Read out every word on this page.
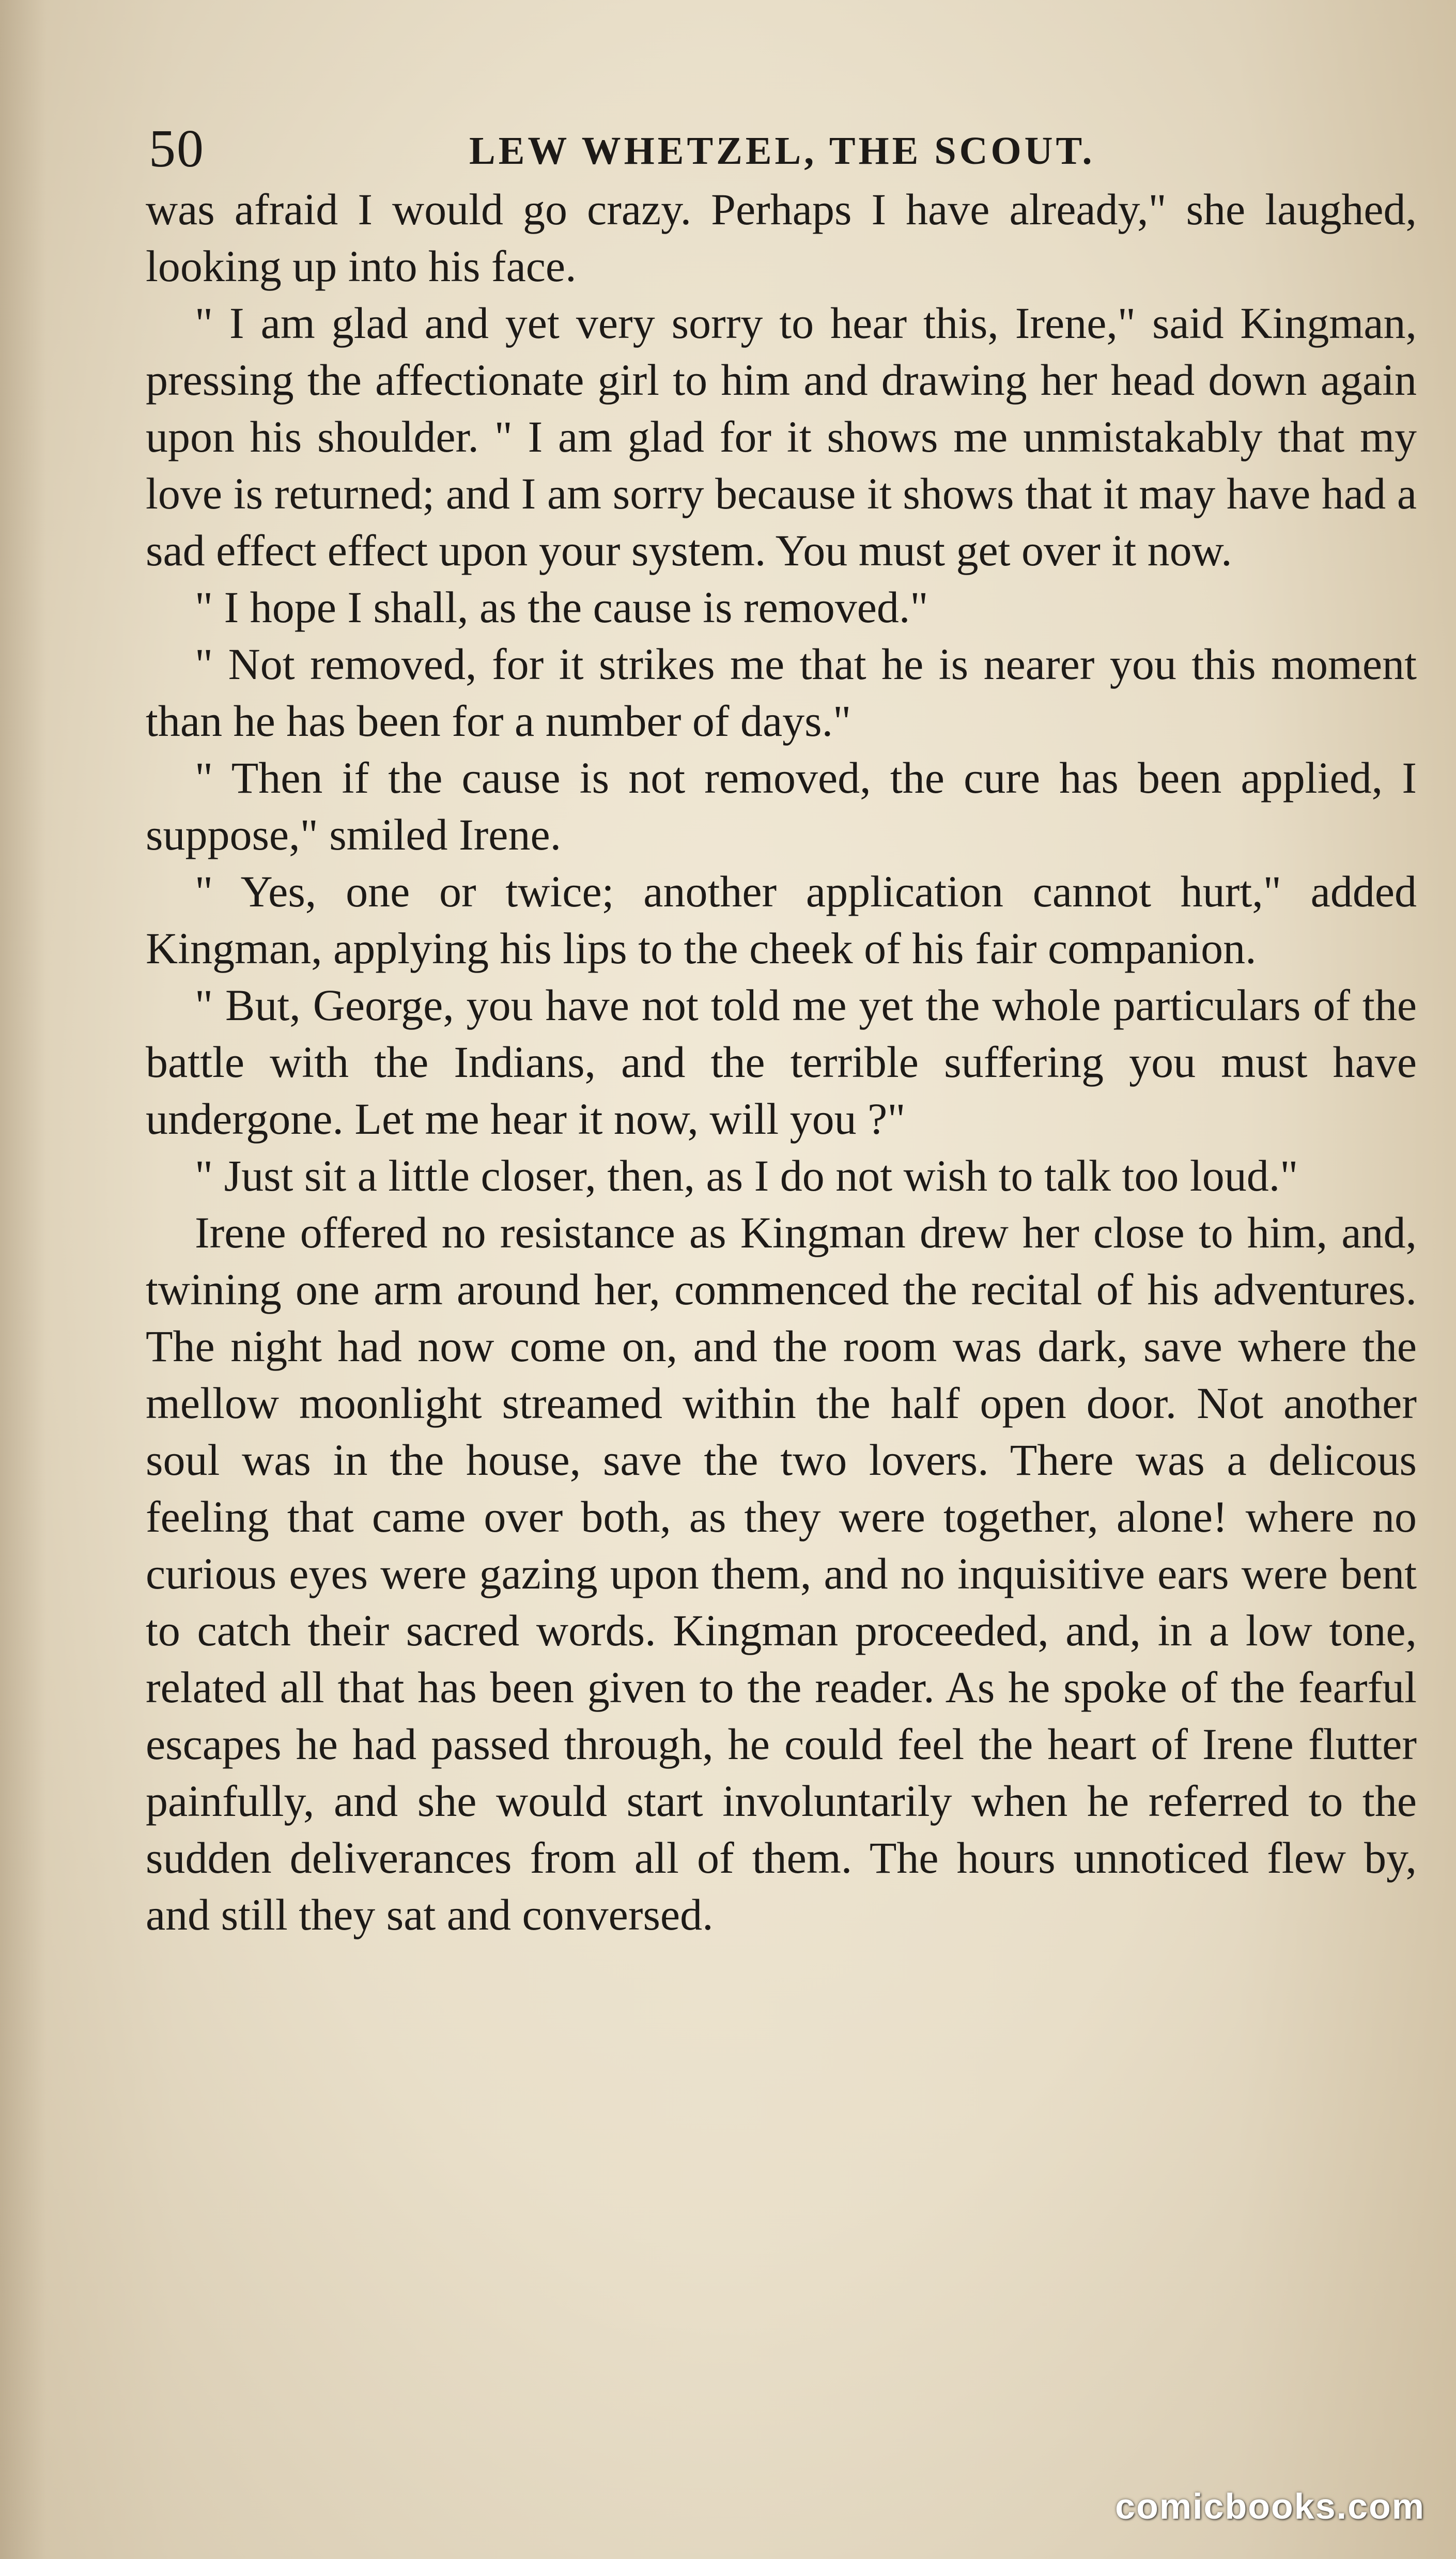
50	LEW WHETZEL, THE SCOUT.

was afraid I would go crazy. Perhaps I have already," she laughed, looking up into his face.

" I am glad and yet very sorry to hear this, Irene," said Kingman, pressing the affectionate girl to him and drawing her head down again upon his shoulder. " I am glad for it shows me unmistakably that my love is returned; and I am sorry because it shows that it may have had a sad effect effect upon your system. You must get over it now.

" I hope I shall, as the cause is removed."

" Not removed, for it strikes me that he is nearer you this moment than he has been for a number of days."

" Then if the cause is not removed, the cure has been applied, I suppose," smiled Irene.

" Yes, one or twice; another application cannot hurt," added Kingman, applying his lips to the cheek of his fair companion.

" But, George, you have not told me yet the whole particulars of the battle with the Indians, and the terrible suffering you must have undergone. Let me hear it now, will you ?"

" Just sit a little closer, then, as I do not wish to talk too loud."

Irene offered no resistance as Kingman drew her close to him, and, twining one arm around her, commenced the recital of his adventures. The night had now come on, and the room was dark, save where the mellow moonlight streamed within the half open door. Not another soul was in the house, save the two lovers. There was a delicous feeling that came over both, as they were together, alone! where no curious eyes were gazing upon them, and no inquisitive ears were bent to catch their sacred words. Kingman proceeded, and, in a low tone, related all that has been given to the reader. As he spoke of the fearful escapes he had passed through, he could feel the heart of Irene flutter painfully, and she would start involuntarily when he referred to the sudden deliverances from all of them. The hours unnoticed flew by, and still they sat and conversed.

comicbooks.com
